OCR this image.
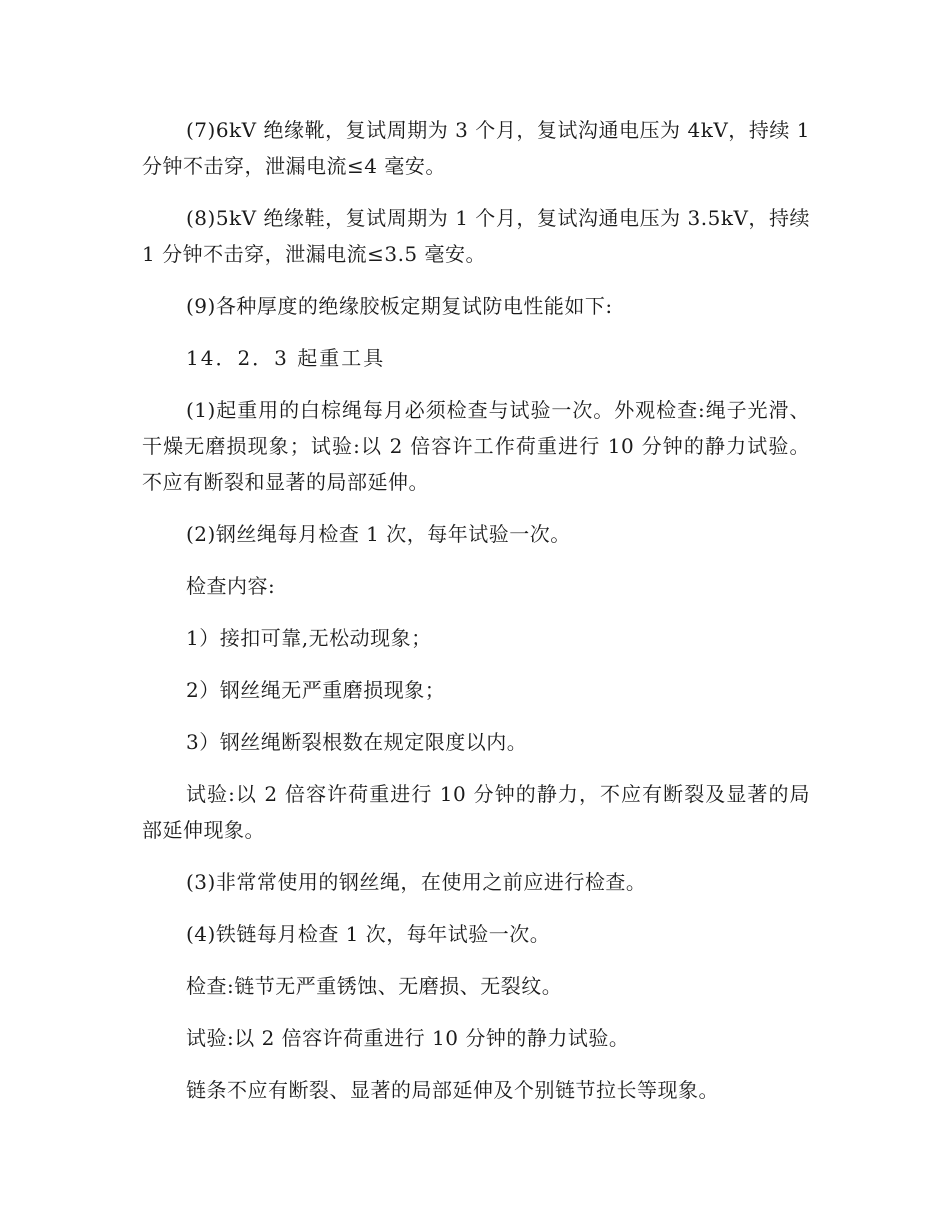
(7)6kV 绝缘靴，复试周期为 3 个月，复试沟通电压为 4kV，持续 1 分钟不击穿，泄漏电流≤4 毫安。

(8)5kV 绝缘鞋，复试周期为 1 个月，复试沟通电压为 3.5kV，持续 1 分钟不击穿，泄漏电流≤3.5 毫安。

(9)各种厚度的绝缘胶板定期复试防电性能如下:

14．2．3 起重工具

(1)起重用的白棕绳每月必须检查与试验一次。外观检查:绳子光滑、干燥无磨损现象；试验:以 2 倍容许工作荷重进行 10 分钟的静力试验。不应有断裂和显著的局部延伸。

(2)钢丝绳每月检查 1 次，每年试验一次。

检查内容:

1）接扣可靠,无松动现象；

2）钢丝绳无严重磨损现象；

3）钢丝绳断裂根数在规定限度以内。

试验:以 2 倍容许荷重进行 10 分钟的静力，不应有断裂及显著的局部延伸现象。

(3)非常常使用的钢丝绳，在使用之前应进行检查。

(4)铁链每月检查 1 次，每年试验一次。

检查:链节无严重锈蚀、无磨损、无裂纹。

试验:以 2 倍容许荷重进行 10 分钟的静力试验。

链条不应有断裂、显著的局部延伸及个别链节拉长等现象。
